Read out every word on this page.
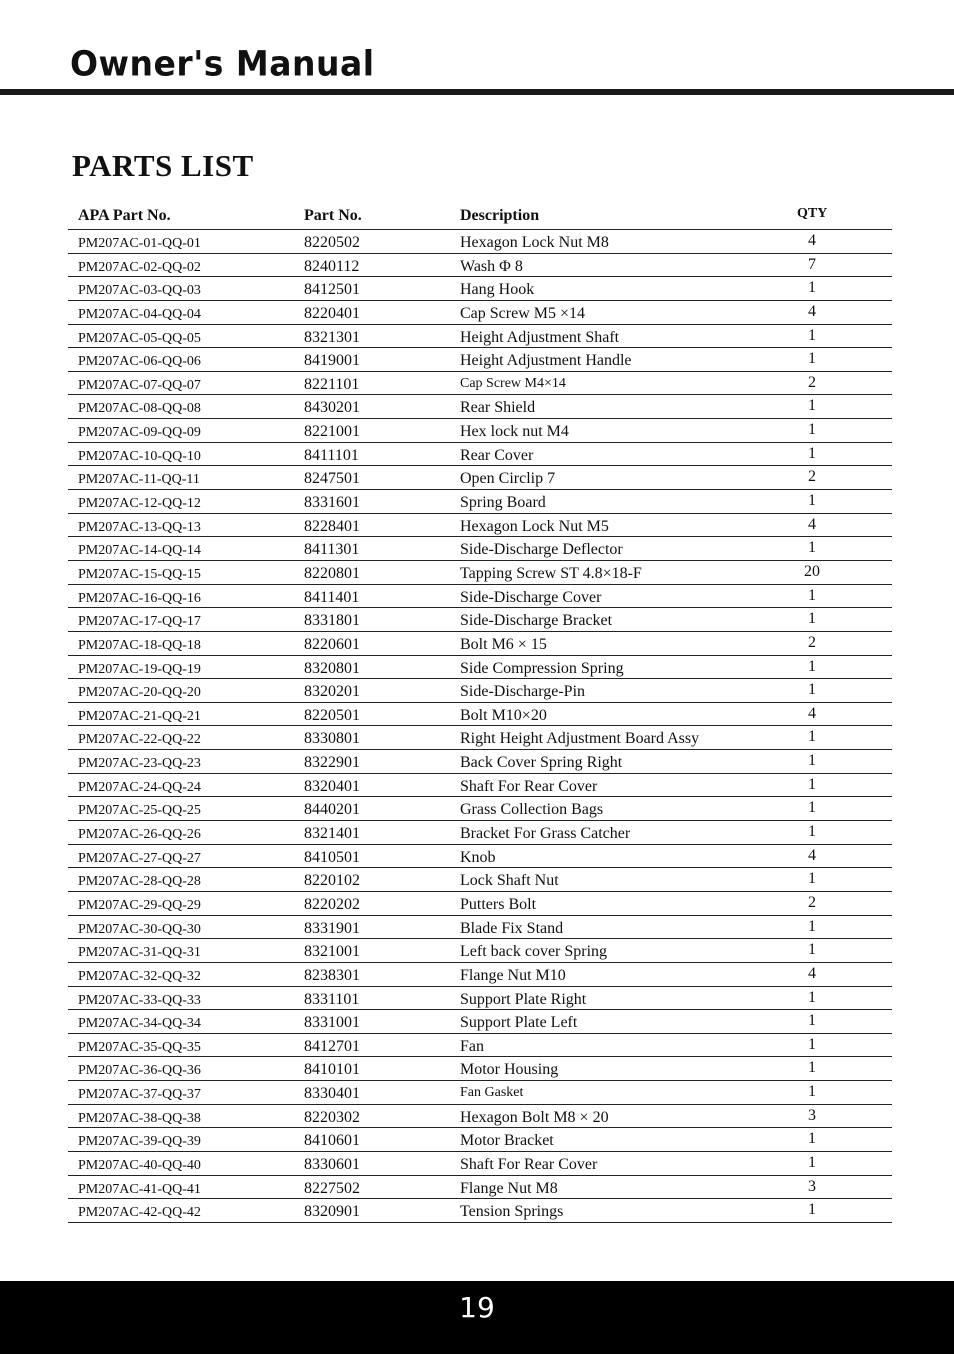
Owner's Manual
PARTS LIST
APA Part No.	Part No.	Description	QTY
PM207AC-01-QQ-01	8220502	Hexagon Lock Nut M8	4
PM207AC-02-QQ-02	8240112	Wash Φ 8	7
PM207AC-03-QQ-03	8412501	Hang Hook	1
PM207AC-04-QQ-04	8220401	Cap Screw M5 ×14	4
PM207AC-05-QQ-05	8321301	Height Adjustment Shaft	1
PM207AC-06-QQ-06	8419001	Height Adjustment Handle	1
PM207AC-07-QQ-07	8221101	Cap Screw M4×14	2
PM207AC-08-QQ-08	8430201	Rear Shield	1
PM207AC-09-QQ-09	8221001	Hex lock nut M4	1
PM207AC-10-QQ-10	8411101	Rear Cover	1
PM207AC-11-QQ-11	8247501	Open Circlip 7	2
PM207AC-12-QQ-12	8331601	Spring Board	1
PM207AC-13-QQ-13	8228401	Hexagon Lock Nut M5	4
PM207AC-14-QQ-14	8411301	Side-Discharge Deflector	1
PM207AC-15-QQ-15	8220801	Tapping Screw ST 4.8×18-F	20
PM207AC-16-QQ-16	8411401	Side-Discharge Cover	1
PM207AC-17-QQ-17	8331801	Side-Discharge Bracket	1
PM207AC-18-QQ-18	8220601	Bolt M6 × 15	2
PM207AC-19-QQ-19	8320801	Side Compression Spring	1
PM207AC-20-QQ-20	8320201	Side-Discharge-Pin	1
PM207AC-21-QQ-21	8220501	Bolt M10×20	4
PM207AC-22-QQ-22	8330801	Right Height Adjustment Board Assy	1
PM207AC-23-QQ-23	8322901	Back Cover Spring Right	1
PM207AC-24-QQ-24	8320401	Shaft For Rear Cover	1
PM207AC-25-QQ-25	8440201	Grass Collection Bags	1
PM207AC-26-QQ-26	8321401	Bracket For Grass Catcher	1
PM207AC-27-QQ-27	8410501	Knob	4
PM207AC-28-QQ-28	8220102	Lock Shaft Nut	1
PM207AC-29-QQ-29	8220202	Putters Bolt	2
PM207AC-30-QQ-30	8331901	Blade Fix Stand	1
PM207AC-31-QQ-31	8321001	Left back cover Spring	1
PM207AC-32-QQ-32	8238301	Flange Nut M10	4
PM207AC-33-QQ-33	8331101	Support Plate Right	1
PM207AC-34-QQ-34	8331001	Support Plate Left	1
PM207AC-35-QQ-35	8412701	Fan	1
PM207AC-36-QQ-36	8410101	Motor Housing	1
PM207AC-37-QQ-37	8330401	Fan Gasket	1
PM207AC-38-QQ-38	8220302	Hexagon Bolt M8 × 20	3
PM207AC-39-QQ-39	8410601	Motor Bracket	1
PM207AC-40-QQ-40	8330601	Shaft For Rear Cover	1
PM207AC-41-QQ-41	8227502	Flange Nut M8	3
PM207AC-42-QQ-42	8320901	Tension Springs	1
19
